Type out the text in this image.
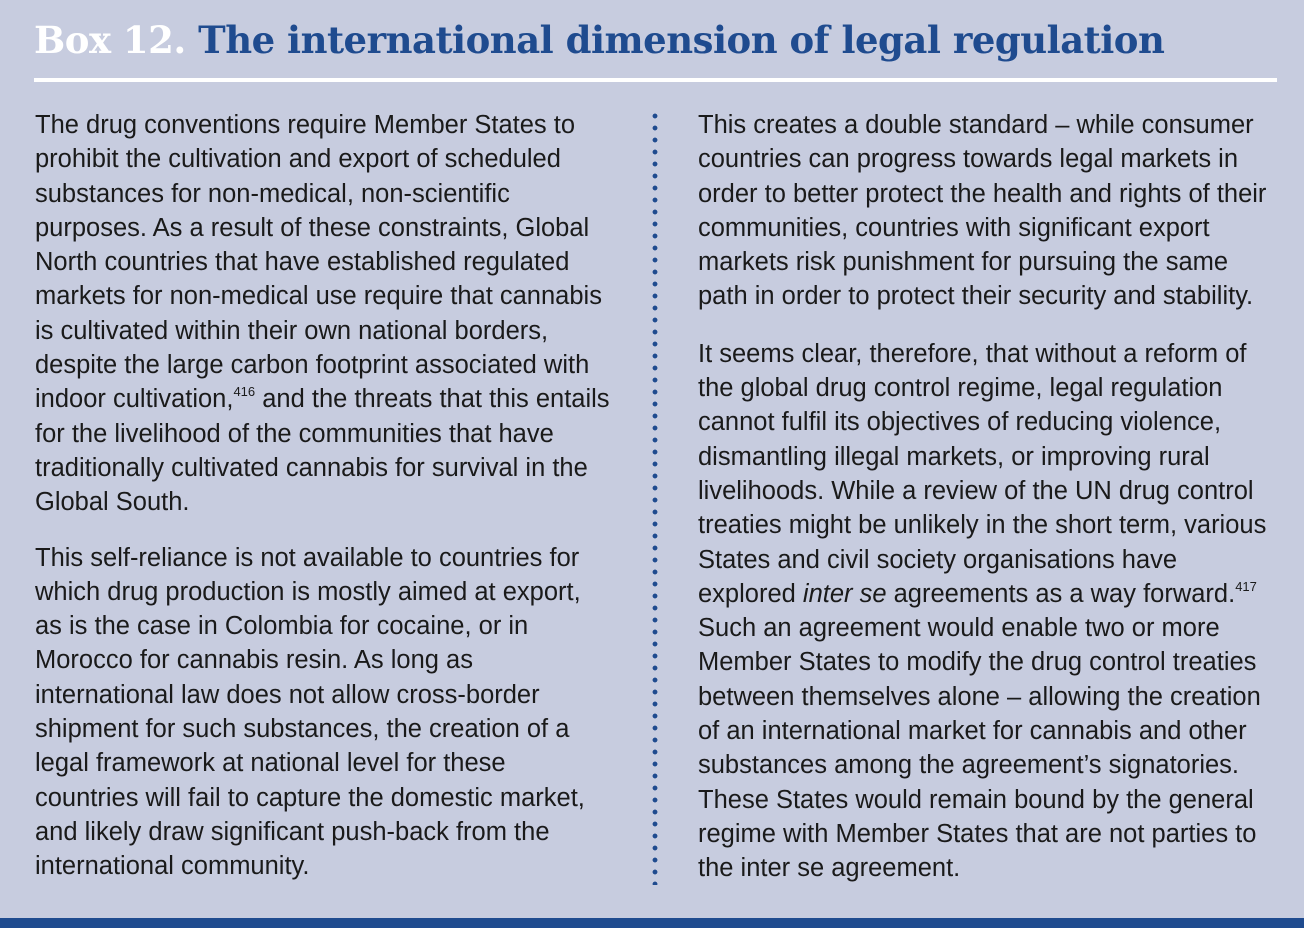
Box 12. The international dimension of legal regulation

The drug conventions require Member States to prohibit the cultivation and export of scheduled substances for non-medical, non-scientific purposes. As a result of these constraints, Global North countries that have established regulated markets for non-medical use require that cannabis is cultivated within their own national borders, despite the large carbon footprint associated with indoor cultivation,$^{416}$ and the threats that this entails for the livelihood of the communities that have traditionally cultivated cannabis for survival in the Global South.

This self-reliance is not available to countries for which drug production is mostly aimed at export, as is the case in Colombia for cocaine, or in Morocco for cannabis resin. As long as international law does not allow cross-border shipment for such substances, the creation of a legal framework at national level for these countries will fail to capture the domestic market, and likely draw significant push-back from the international community.

This creates a double standard – while consumer countries can progress towards legal markets in order to better protect the health and rights of their communities, countries with significant export markets risk punishment for pursuing the same path in order to protect their security and stability.

It seems clear, therefore, that without a reform of the global drug control regime, legal regulation cannot fulfil its objectives of reducing violence, dismantling illegal markets, or improving rural livelihoods. While a review of the UN drug control treaties might be unlikely in the short term, various States and civil society organisations have explored inter se agreements as a way forward.$^{417}$ Such an agreement would enable two or more Member States to modify the drug control treaties between themselves alone – allowing the creation of an international market for cannabis and other substances among the agreement’s signatories. These States would remain bound by the general regime with Member States that are not parties to the inter se agreement.
